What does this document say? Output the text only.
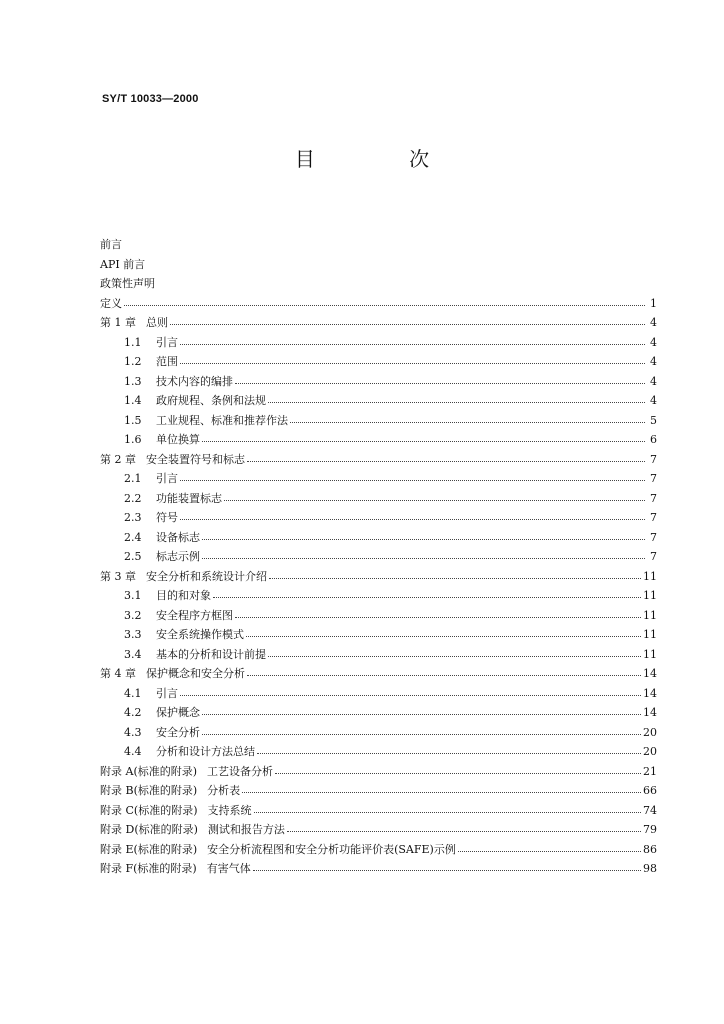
SY/T 10033—2000
目 次
前言
API 前言
政策性声明
定义	1
第 1 章 总则	4
1.1	引言	4
1.2	范围	4
1.3	技术内容的编排	4
1.4	政府规程、条例和法规	4
1.5	工业规程、标准和推荐作法	5
1.6	单位换算	6
第 2 章 安全装置符号和标志	7
2.1	引言	7
2.2	功能装置标志	7
2.3	符号	7
2.4	设备标志	7
2.5	标志示例	7
第 3 章 安全分析和系统设计介绍	11
3.1	目的和对象	11
3.2	安全程序方框图	11
3.3	安全系统操作模式	11
3.4	基本的分析和设计前提	11
第 4 章 保护概念和安全分析	14
4.1	引言	14
4.2	保护概念	14
4.3	安全分析	20
4.4	分析和设计方法总结	20
附录 A(标准的附录) 工艺设备分析	21
附录 B(标准的附录) 分析表	66
附录 C(标准的附录) 支持系统	74
附录 D(标准的附录) 测试和报告方法	79
附录 E(标准的附录) 安全分析流程图和安全分析功能评价表(SAFE)示例	86
附录 F(标准的附录) 有害气体	98
